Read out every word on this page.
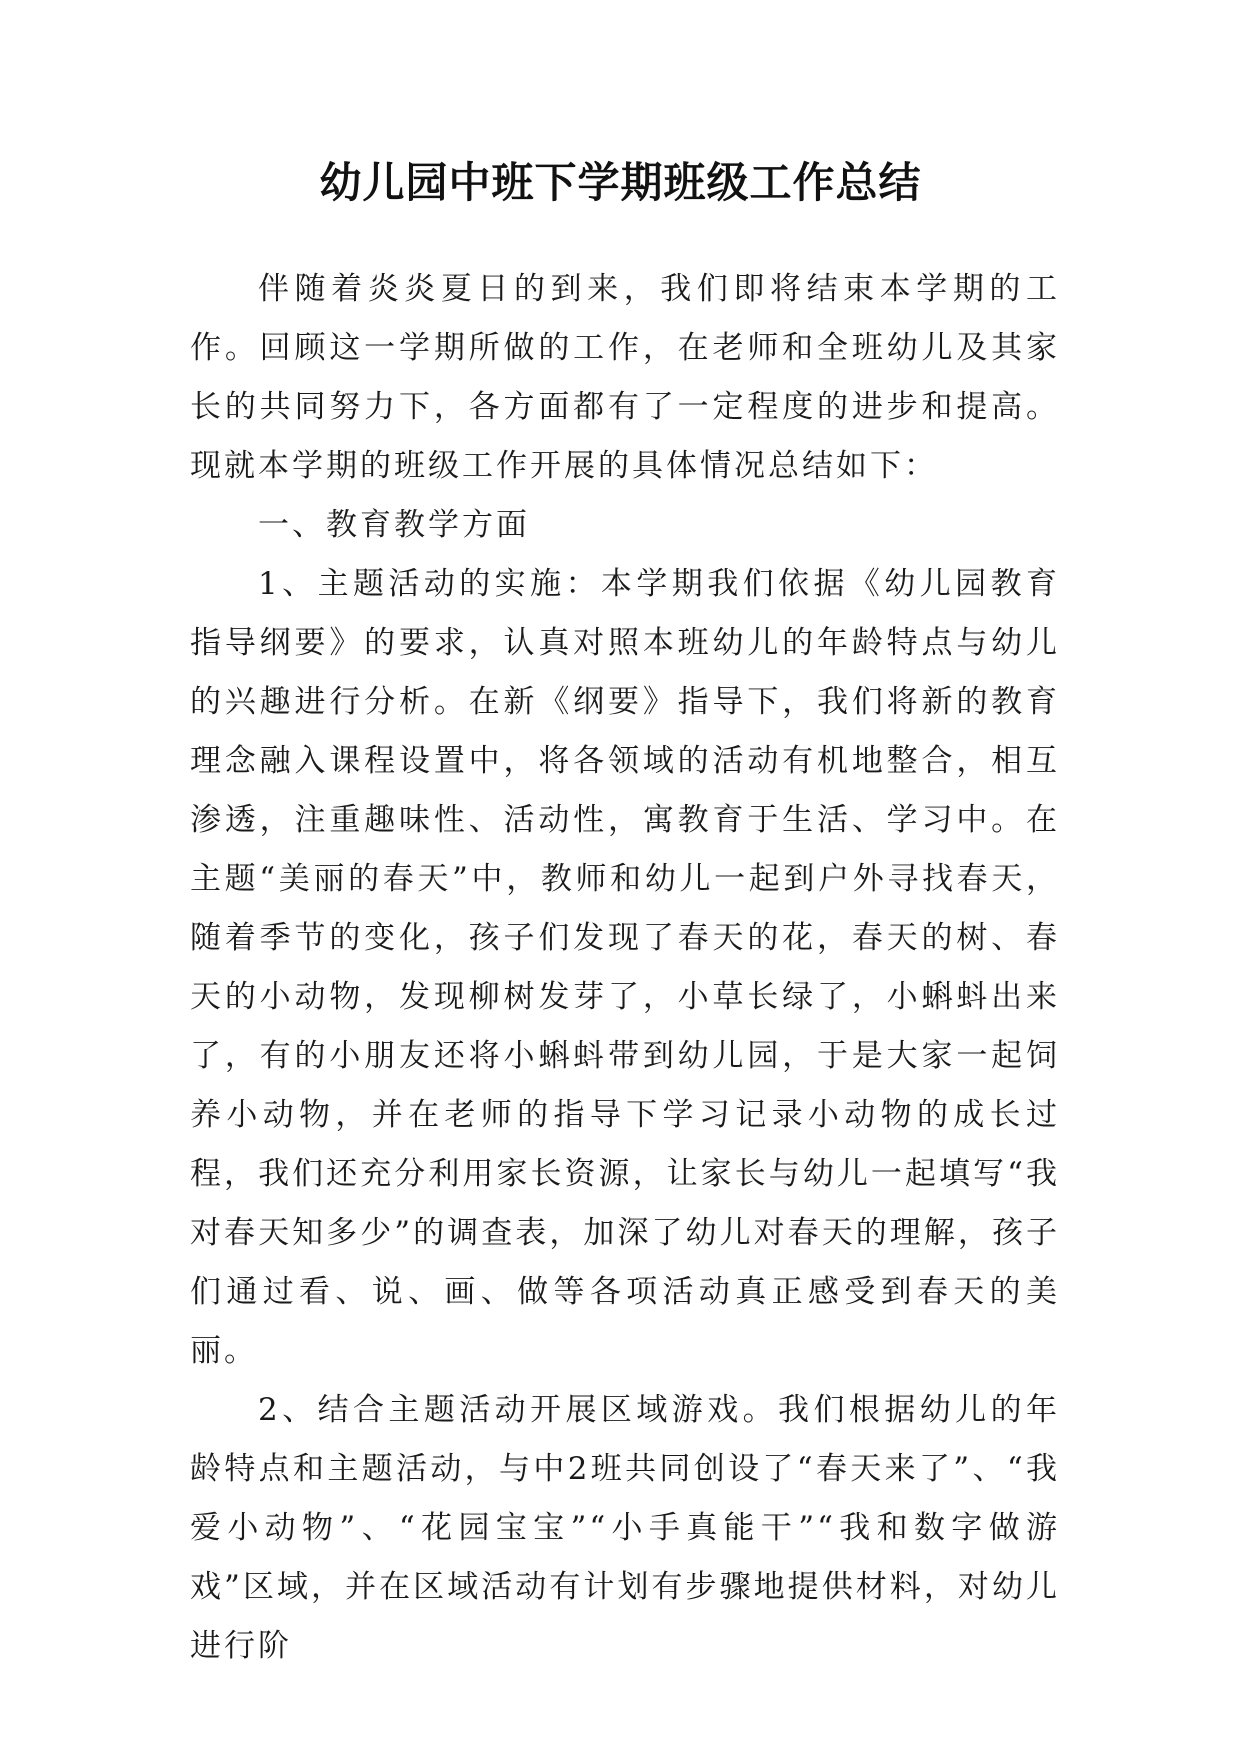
幼儿园中班下学期班级工作总结

伴随着炎炎夏日的到来，我们即将结束本学期的工作。回顾这一学期所做的工作，在老师和全班幼儿及其家长的共同努力下，各方面都有了一定程度的进步和提高。现就本学期的班级工作开展的具体情况总结如下：

一、教育教学方面

1、主题活动的实施：本学期我们依据《幼儿园教育指导纲要》的要求，认真对照本班幼儿的年龄特点与幼儿的兴趣进行分析。在新《纲要》指导下，我们将新的教育理念融入课程设置中，将各领域的活动有机地整合，相互渗透，注重趣味性、活动性，寓教育于生活、学习中。在主题“美丽的春天”中，教师和幼儿一起到户外寻找春天，随着季节的变化，孩子们发现了春天的花，春天的树、春天的小动物，发现柳树发芽了，小草长绿了，小蝌蚪出来了，有的小朋友还将小蝌蚪带到幼儿园，于是大家一起饲养小动物，并在老师的指导下学习记录小动物的成长过程，我们还充分利用家长资源，让家长与幼儿一起填写“我对春天知多少”的调查表，加深了幼儿对春天的理解，孩子们通过看、说、画、做等各项活动真正感受到春天的美丽。

2、结合主题活动开展区域游戏。我们根据幼儿的年龄特点和主题活动，与中2班共同创设了“春天来了”、“我爱小动物”、“花园宝宝”“小手真能干”“我和数字做游戏”区域，并在区域活动有计划有步骤地提供材料，对幼儿进行阶
